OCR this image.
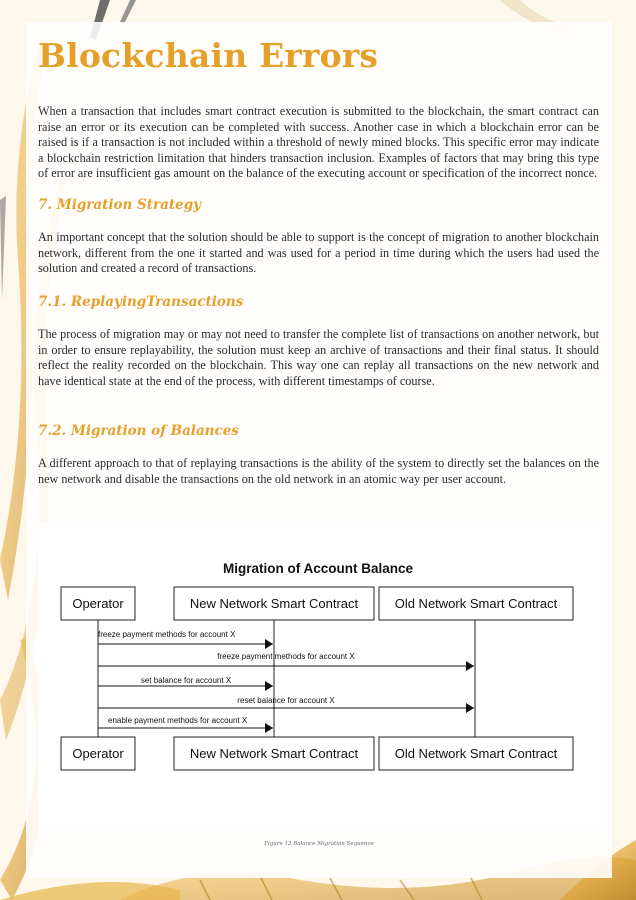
Blockchain Errors

When a transaction that includes smart contract execution is submitted to the blockchain, the smart contract can raise an error or its execution can be completed with success. Another case in which a blockchain error can be raised is if a transaction is not included within a threshold of newly mined blocks. This specific error may indicate a blockchain restriction limitation that hinders transaction inclusion. Examples of factors that may bring this type of error are insufficient gas amount on the balance of the executing account or specification of the incorrect nonce.

7. Migration Strategy

An important concept that the solution should be able to support is the concept of migration to another blockchain network, different from the one it started and was used for a period in time during which the users had used the solution and created a record of transactions.

7.1. ReplayingTransactions

The process of migration may or may not need to transfer the complete list of transactions on another network, but in order to ensure replayability, the solution must keep an archive of transactions and their final status. It should reflect the reality recorded on the blockchain. This way one can replay all transactions on the new network and have identical state at the end of the process, with different timestamps of course.

7.2. Migration of Balances

A different approach to that of replaying transactions is the ability of the system to directly set the balances on the new network and disable the transactions on the old network in an atomic way per user account.

Migration of Account Balance
Operator	New Network Smart Contract	Old Network Smart Contract
freeze payment methods for account X
freeze payment methods for account X
set balance for account X
reset balance for account X
enable payment methods for account X
Operator	New Network Smart Contract	Old Network Smart Contract
Figure 12 Balance Migration Sequence
